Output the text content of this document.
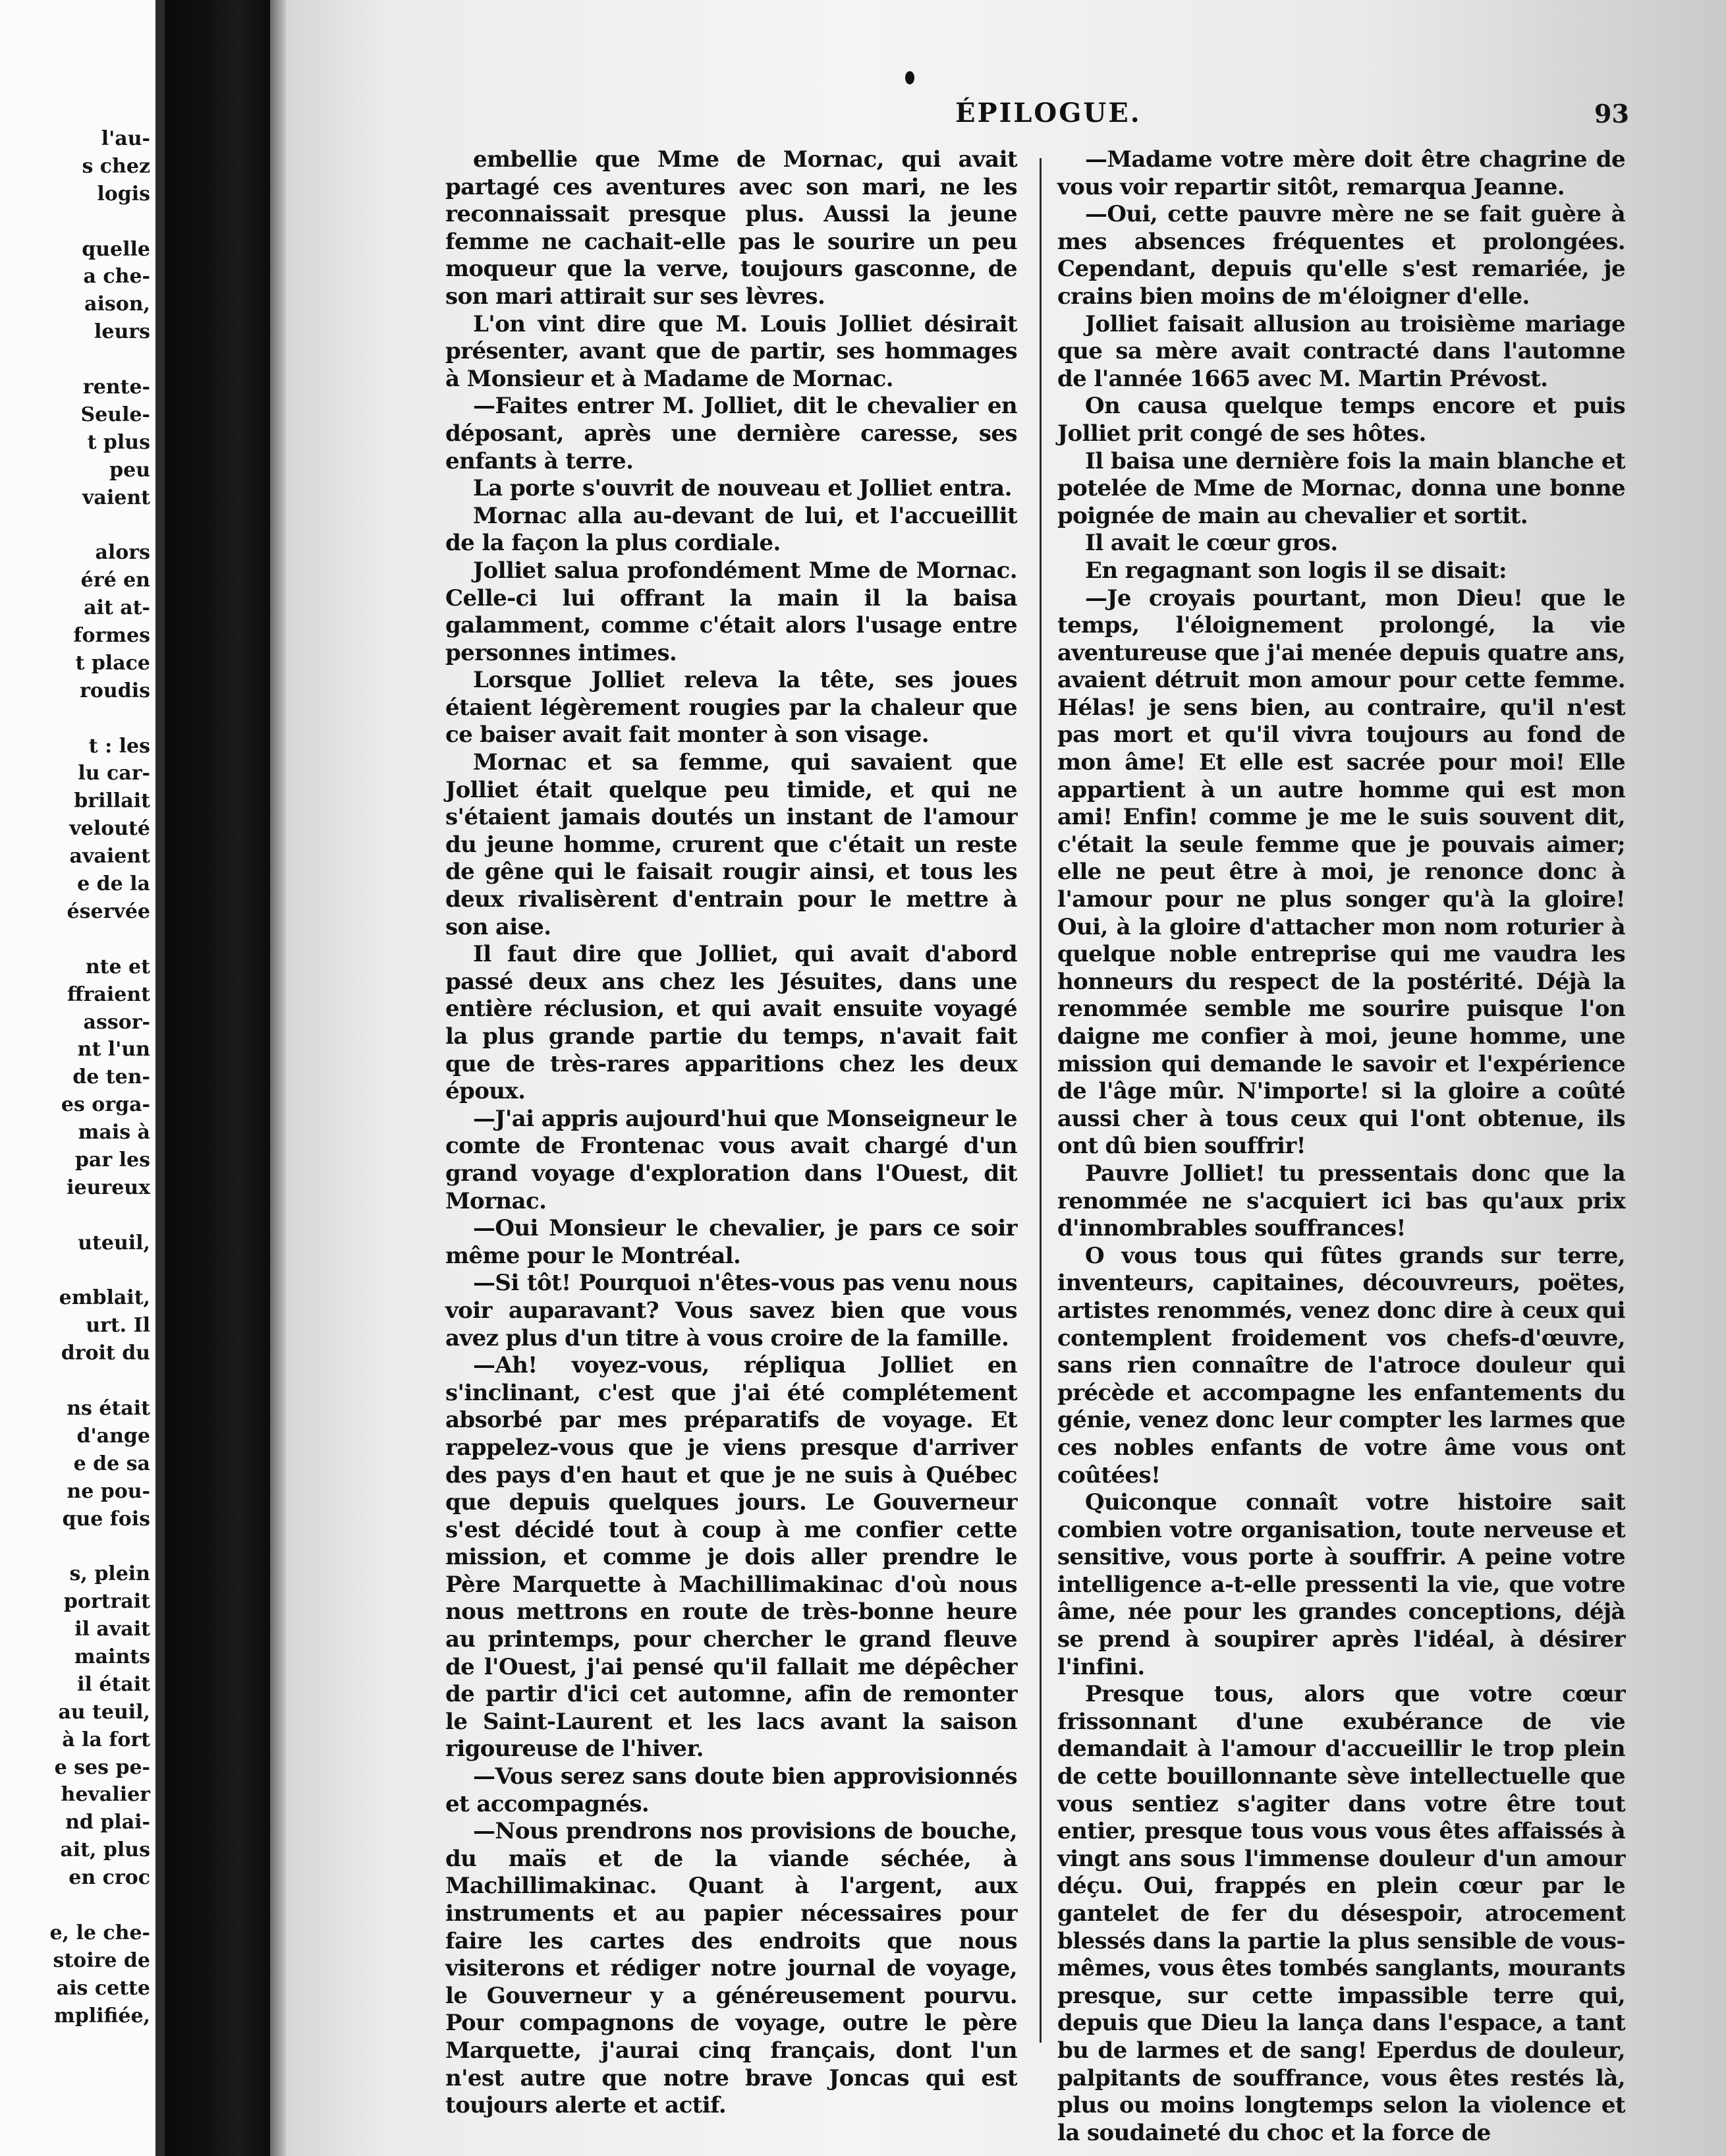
l'au-
s chez
logis
quelle
a che-
aison,
leurs
rente-
Seule-
t plus
peu
vaient
alors
éré en
ait at-
formes
t place
roudis
t : les
lu car-
brillait
velouté
avaient
e de la
éservée
nte et
ffraient
assor-
nt l'un
de ten-
es orga-
mais à
par les
ieureux
uteuil,
emblait,
urt. Il
droit du
ns était
d'ange
e de sa
ne pou-
que fois
s, plein
portrait
il avait
maints
il était
au teuil,
à la fort
e ses pe-
hevalier
nd plai-
ait, plus
en croc
e, le che-
stoire de
ais cette
mplifiée,
ÉPILOGUE.	93

embellie que Mme de Mornac, qui avait partagé ces aventures avec son mari, ne les reconnaissait presque plus. Aussi la jeune femme ne cachait-elle pas le sourire un peu moqueur que la verve, toujours gasconne, de son mari attirait sur ses lèvres.

L'on vint dire que M. Louis Jolliet désirait présenter, avant que de partir, ses hommages à Monsieur et à Madame de Mornac.

—Faites entrer M. Jolliet, dit le chevalier en déposant, après une dernière caresse, ses enfants à terre.

La porte s'ouvrit de nouveau et Jolliet entra.

Mornac alla au-devant de lui, et l'accueillit de la façon la plus cordiale.

Jolliet salua profondément Mme de Mornac. Celle-ci lui offrant la main il la baisa galamment, comme c'était alors l'usage entre personnes intimes.

Lorsque Jolliet releva la tête, ses joues étaient légèrement rougies par la chaleur que ce baiser avait fait monter à son visage.

Mornac et sa femme, qui savaient que Jolliet était quelque peu timide, et qui ne s'étaient jamais doutés un instant de l'amour du jeune homme, crurent que c'était un reste de gêne qui le faisait rougir ainsi, et tous les deux rivalisèrent d'entrain pour le mettre à son aise.

Il faut dire que Jolliet, qui avait d'abord passé deux ans chez les Jésuites, dans une entière réclusion, et qui avait ensuite voyagé la plus grande partie du temps, n'avait fait que de très-rares apparitions chez les deux époux.

—J'ai appris aujourd'hui que Monseigneur le comte de Frontenac vous avait chargé d'un grand voyage d'exploration dans l'Ouest, dit Mornac.

—Oui Monsieur le chevalier, je pars ce soir même pour le Montréal.

—Si tôt! Pourquoi n'êtes-vous pas venu nous voir auparavant? Vous savez bien que vous avez plus d'un titre à vous croire de la famille.

—Ah! voyez-vous, répliqua Jolliet en s'inclinant, c'est que j'ai été complétement absorbé par mes préparatifs de voyage. Et rappelez-vous que je viens presque d'arriver des pays d'en haut et que je ne suis à Québec que depuis quelques jours. Le Gouverneur s'est décidé tout à coup à me confier cette mission, et comme je dois aller prendre le Père Marquette à Machillimakinac d'où nous nous mettrons en route de très-bonne heure au printemps, pour chercher le grand fleuve de l'Ouest, j'ai pensé qu'il fallait me dépêcher de partir d'ici cet automne, afin de remonter le Saint-Laurent et les lacs avant la saison rigoureuse de l'hiver.

—Vous serez sans doute bien approvisionnés et accompagnés.

—Nous prendrons nos provisions de bouche, du maïs et de la viande séchée, à Machillimakinac. Quant à l'argent, aux instruments et au papier nécessaires pour faire les cartes des endroits que nous visiterons et rédiger notre journal de voyage, le Gouverneur y a généreusement pourvu. Pour compagnons de voyage, outre le père Marquette, j'aurai cinq français, dont l'un n'est autre que notre brave Joncas qui est toujours alerte et actif.

—Madame votre mère doit être chagrine de vous voir repartir sitôt, remarqua Jeanne.

—Oui, cette pauvre mère ne se fait guère à mes absences fréquentes et prolongées. Cependant, depuis qu'elle s'est remariée, je crains bien moins de m'éloigner d'elle.

Jolliet faisait allusion au troisième mariage que sa mère avait contracté dans l'automne de l'année 1665 avec M. Martin Prévost.

On causa quelque temps encore et puis Jolliet prit congé de ses hôtes.

Il baisa une dernière fois la main blanche et potelée de Mme de Mornac, donna une bonne poignée de main au chevalier et sortit.

Il avait le cœur gros.

En regagnant son logis il se disait:

—Je croyais pourtant, mon Dieu! que le temps, l'éloignement prolongé, la vie aventureuse que j'ai menée depuis quatre ans, avaient détruit mon amour pour cette femme. Hélas! je sens bien, au contraire, qu'il n'est pas mort et qu'il vivra toujours au fond de mon âme! Et elle est sacrée pour moi! Elle appartient à un autre homme qui est mon ami! Enfin! comme je me le suis souvent dit, c'était la seule femme que je pouvais aimer; elle ne peut être à moi, je renonce donc à l'amour pour ne plus songer qu'à la gloire! Oui, à la gloire d'attacher mon nom roturier à quelque noble entreprise qui me vaudra les honneurs du respect de la postérité. Déjà la renommée semble me sourire puisque l'on daigne me confier à moi, jeune homme, une mission qui demande le savoir et l'expérience de l'âge mûr. N'importe! si la gloire a coûté aussi cher à tous ceux qui l'ont obtenue, ils ont dû bien souffrir!

Pauvre Jolliet! tu pressentais donc que la renommée ne s'acquiert ici bas qu'aux prix d'innombrables souffrances!

O vous tous qui fûtes grands sur terre, inventeurs, capitaines, découvreurs, poëtes, artistes renommés, venez donc dire à ceux qui contemplent froidement vos chefs-d'œuvre, sans rien connaître de l'atroce douleur qui précède et accompagne les enfantements du génie, venez donc leur compter les larmes que ces nobles enfants de votre âme vous ont coûtées!

Quiconque connaît votre histoire sait combien votre organisation, toute nerveuse et sensitive, vous porte à souffrir. A peine votre intelligence a-t-elle pressenti la vie, que votre âme, née pour les grandes conceptions, déjà se prend à soupirer après l'idéal, à désirer l'infini.

Presque tous, alors que votre cœur frissonnant d'une exubérance de vie demandait à l'amour d'accueillir le trop plein de cette bouillonnante sève intellectuelle que vous sentiez s'agiter dans votre être tout entier, presque tous vous vous êtes affaissés à vingt ans sous l'immense douleur d'un amour déçu. Oui, frappés en plein cœur par le gantelet de fer du désespoir, atrocement blessés dans la partie la plus sensible de vous-mêmes, vous êtes tombés sanglants, mourants presque, sur cette impassible terre qui, depuis que Dieu la lança dans l'espace, a tant bu de larmes et de sang! Eperdus de douleur, palpitants de souffrance, vous êtes restés là, plus ou moins longtemps selon la violence et la soudaineté du choc et la force de
